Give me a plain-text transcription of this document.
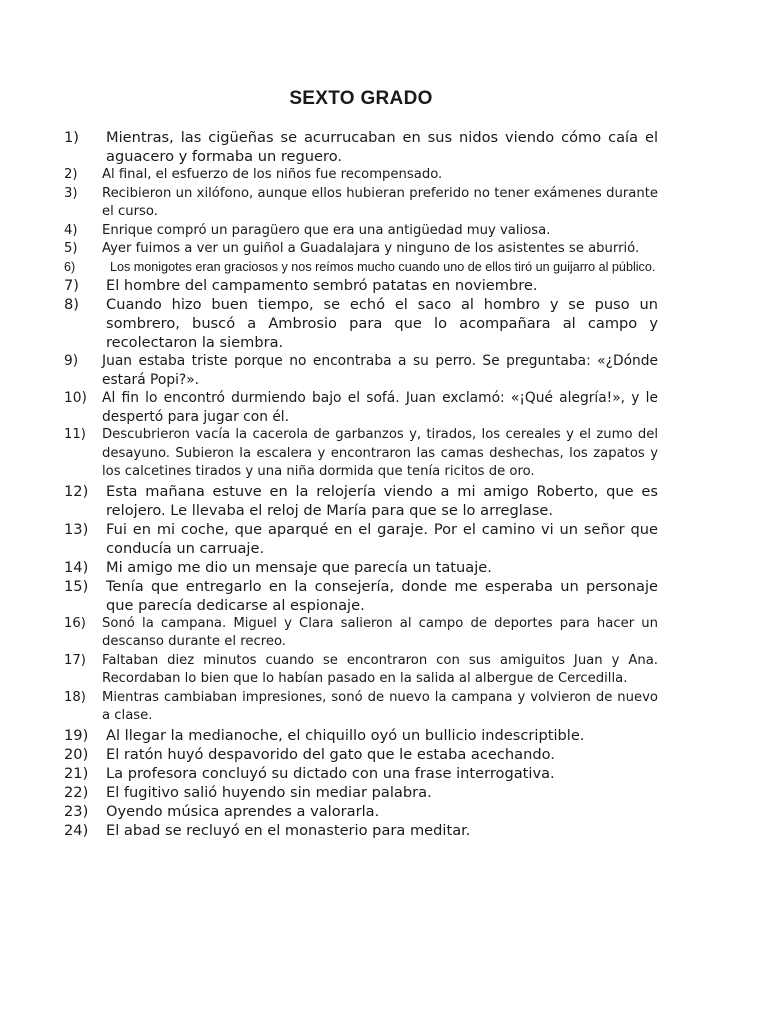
SEXTO GRADO
1)	Mientras, las cigüeñas se acurrucaban en sus nidos viendo cómo caía el aguacero y formaba un reguero.
2)	Al final, el esfuerzo de los niños fue recompensado.
3)	Recibieron un xilófono, aunque ellos hubieran preferido no tener exámenes durante el curso.
4)	Enrique compró un paragüero que era una antigüedad muy valiosa.
5)	Ayer fuimos a ver un guiñol a Guadalajara y ninguno de los asistentes se aburrió.
6)	Los monigotes eran graciosos y nos reímos mucho cuando uno de ellos tiró un guijarro al público.
7)	El hombre del campamento sembró patatas en noviembre.
8)	Cuando hizo buen tiempo, se echó el saco al hombro y se puso un sombrero, buscó a Ambrosio para que lo acompañara al campo y recolectaron la siembra.
9)	Juan estaba triste porque no encontraba a su perro. Se preguntaba: «¿Dónde estará Popi?».
10)	Al fin lo encontró durmiendo bajo el sofá. Juan exclamó: «¡Qué alegría!», y le despertó para jugar con él.
11)	Descubrieron vacía la cacerola de garbanzos y, tirados, los cereales y el zumo del desayuno. Subieron la escalera y encontraron las camas deshechas, los zapatos y los calcetines tirados y una niña dormida que tenía ricitos de oro.
12)	Esta mañana estuve en la relojería viendo a mi amigo Roberto, que es relojero. Le llevaba el reloj de María para que se lo arreglase.
13)	Fui en mi coche, que aparqué en el garaje. Por el camino vi un señor que conducía un carruaje.
14)	Mi amigo me dio un mensaje que parecía un tatuaje.
15)	Tenía que entregarlo en la consejería, donde me esperaba un personaje que parecía dedicarse al espionaje.
16)	Sonó la campana. Miguel y Clara salieron al campo de deportes para hacer un descanso durante el recreo.
17)	Faltaban diez minutos cuando se encontraron con sus amiguitos Juan y Ana. Recordaban lo bien que lo habían pasado en la salida al albergue de Cercedilla.
18)	Mientras cambiaban impresiones, sonó de nuevo la campana y volvieron de nuevo a clase.
19)	Al llegar la medianoche, el chiquillo oyó un bullicio indescriptible.
20)	El ratón huyó despavorido del gato que le estaba acechando.
21)	La profesora concluyó su dictado con una frase interrogativa.
22)	El fugitivo salió huyendo sin mediar palabra.
23)	Oyendo música aprendes a valorarla.
24)	El abad se recluyó en el monasterio para meditar.
